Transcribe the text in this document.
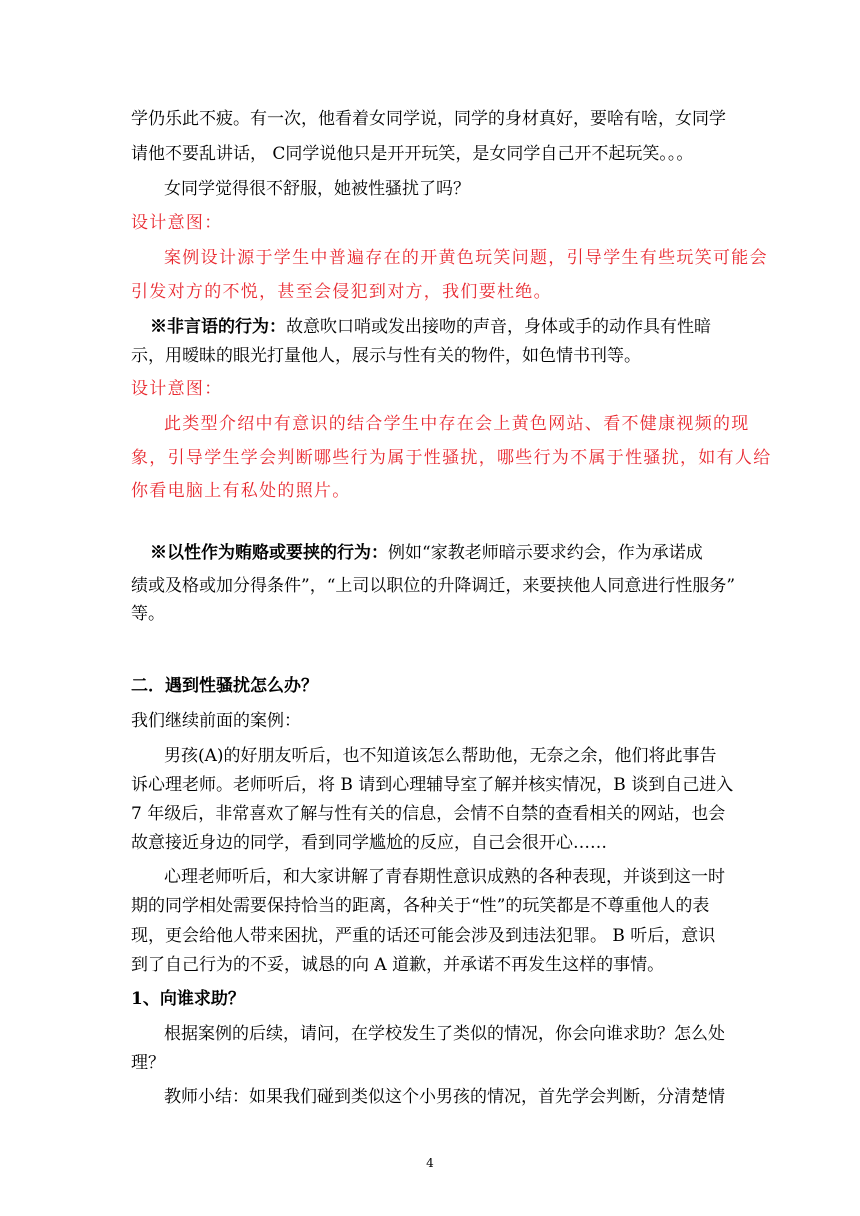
学仍乐此不疲。有一次，他看着女同学说，同学的身材真好，要啥有啥，女同学
请他不要乱讲话， C同学说他只是开开玩笑，是女同学自己开不起玩笑。。。
女同学觉得很不舒服，她被性骚扰了吗？
设计意图：
案例设计源于学生中普遍存在的开黄色玩笑问题，引导学生有些玩笑可能会
引发对方的不悦，甚至会侵犯到对方，我们要杜绝。
※非言语的行为：故意吹口哨或发出接吻的声音，身体或手的动作具有性暗
示，用暧昧的眼光打量他人，展示与性有关的物件，如色情书刊等。
设计意图：
此类型介绍中有意识的结合学生中存在会上黄色网站、看不健康视频的现
象，引导学生学会判断哪些行为属于性骚扰，哪些行为不属于性骚扰，如有人给
你看电脑上有私处的照片。
※以性作为贿赂或要挟的行为：例如“家教老师暗示要求约会，作为承诺成
绩或及格或加分得条件”，“上司以职位的升降调迁，来要挟他人同意进行性服务”
等。
二．遇到性骚扰怎么办？
我们继续前面的案例：
男孩(A)的好朋友听后，也不知道该怎么帮助他，无奈之余，他们将此事告
诉心理老师。老师听后，将 B 请到心理辅导室了解并核实情况，B 谈到自己进入
7 年级后，非常喜欢了解与性有关的信息，会情不自禁的查看相关的网站，也会
故意接近身边的同学，看到同学尴尬的反应，自己会很开心……
心理老师听后，和大家讲解了青春期性意识成熟的各种表现，并谈到这一时
期的同学相处需要保持恰当的距离，各种关于“性”的玩笑都是不尊重他人的表
现，更会给他人带来困扰，严重的话还可能会涉及到违法犯罪。 B 听后，意识
到了自己行为的不妥，诚恳的向 A 道歉，并承诺不再发生这样的事情。
1、向谁求助？
根据案例的后续，请问，在学校发生了类似的情况，你会向谁求助？怎么处
理？
教师小结：如果我们碰到类似这个小男孩的情况，首先学会判断，分清楚情
4
